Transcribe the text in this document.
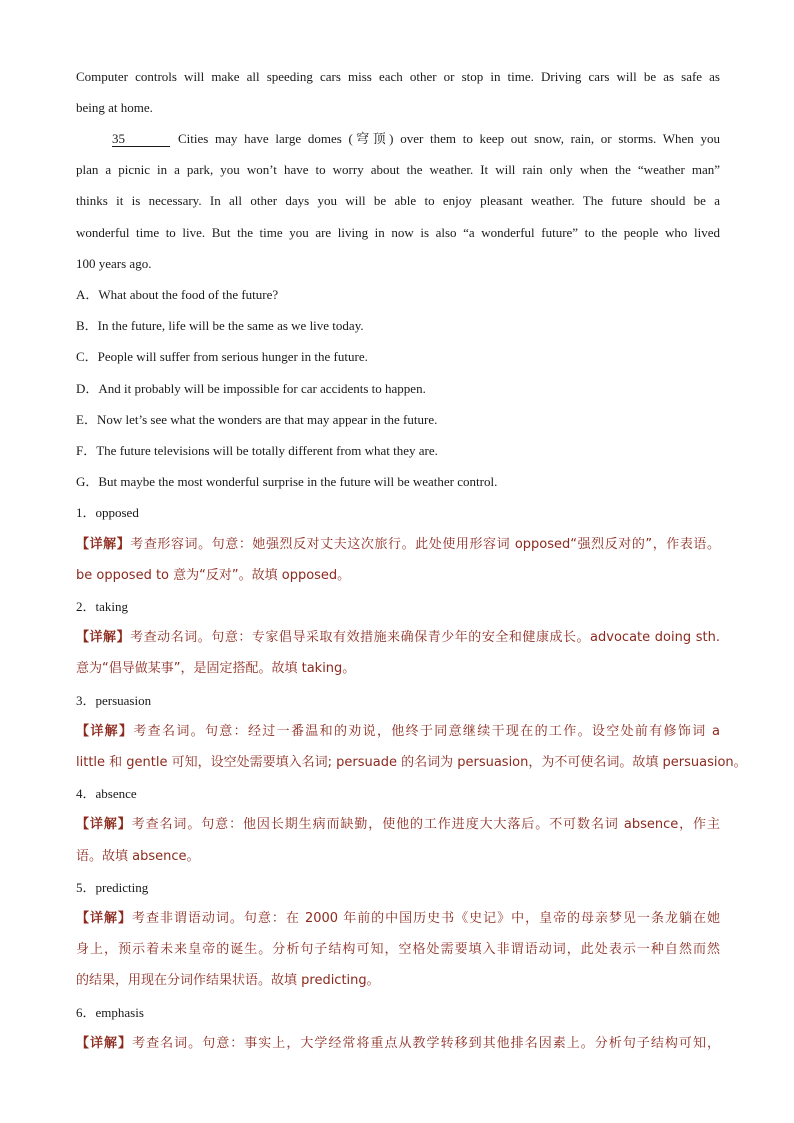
Computer controls will make all speeding cars miss each other or stop in time. Driving cars will be as safe as
being at home.
35	Cities may have large domes (穹顶) over them to keep out snow, rain, or storms. When you
plan a picnic in a park, you won’t have to worry about the weather. It will rain only when the “weather man”
thinks it is necessary. In all other days you will be able to enjoy pleasant weather. The future should be a
wonderful time to live. But the time you are living in now is also “a wonderful future” to the people who lived
100 years ago.
A．What about the food of the future?
B．In the future, life will be the same as we live today.
C．People will suffer from serious hunger in the future.
D．And it probably will be impossible for car accidents to happen.
E．Now let’s see what the wonders are that may appear in the future.
F．The future televisions will be totally different from what they are.
G．But maybe the most wonderful surprise in the future will be weather control.
1．opposed
【详解】考查形容词。句意：她强烈反对丈夫这次旅行。此处使用形容词 opposed“强烈反对的”，作表语。
be opposed to 意为“反对”。故填 opposed。
2．taking
【详解】考查动名词。句意：专家倡导采取有效措施来确保青少年的安全和健康成长。advocate doing sth.
意为“倡导做某事”，是固定搭配。故填 taking。
3．persuasion
【详解】考查名词。句意：经过一番温和的劝说，他终于同意继续干现在的工作。设空处前有修饰词 a
little 和 gentle 可知，设空处需要填入名词; persuade 的名词为 persuasion，为不可使名词。故填 persuasion。
4．absence
【详解】考查名词。句意：他因长期生病而缺勤，使他的工作进度大大落后。不可数名词 absence，作主
语。故填 absence。
5．predicting
【详解】考查非谓语动词。句意：在 2000 年前的中国历史书《史记》中，皇帝的母亲梦见一条龙躺在她
身上，预示着未来皇帝的诞生。分析句子结构可知，空格处需要填入非谓语动词，此处表示一种自然而然
的结果，用现在分词作结果状语。故填 predicting。
6．emphasis
【详解】考查名词。句意：事实上，大学经常将重点从教学转移到其他排名因素上。分析句子结构可知，
